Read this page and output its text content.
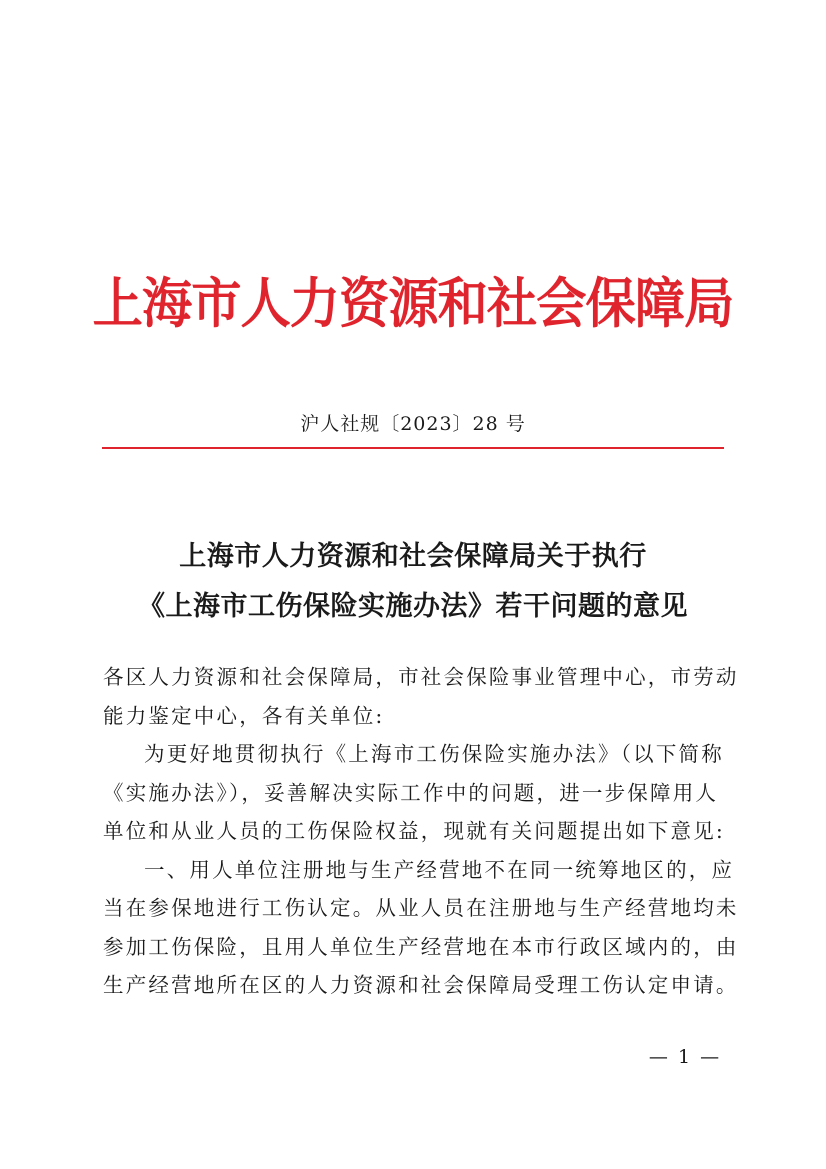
上海市人力资源和社会保障局
沪人社规〔2023〕28 号
上海市人力资源和社会保障局关于执行
《上海市工伤保险实施办法》若干问题的意见
各区人力资源和社会保障局，市社会保险事业管理中心，市劳动
能力鉴定中心，各有关单位:
为更好地贯彻执行《上海市工伤保险实施办法》（以下简称
《实施办法》），妥善解决实际工作中的问题，进一步保障用人
单位和从业人员的工伤保险权益，现就有关问题提出如下意见:
一、用人单位注册地与生产经营地不在同一统筹地区的，应
当在参保地进行工伤认定。从业人员在注册地与生产经营地均未
参加工伤保险，且用人单位生产经营地在本市行政区域内的，由
生产经营地所在区的人力资源和社会保障局受理工伤认定申请。
— 1 —
